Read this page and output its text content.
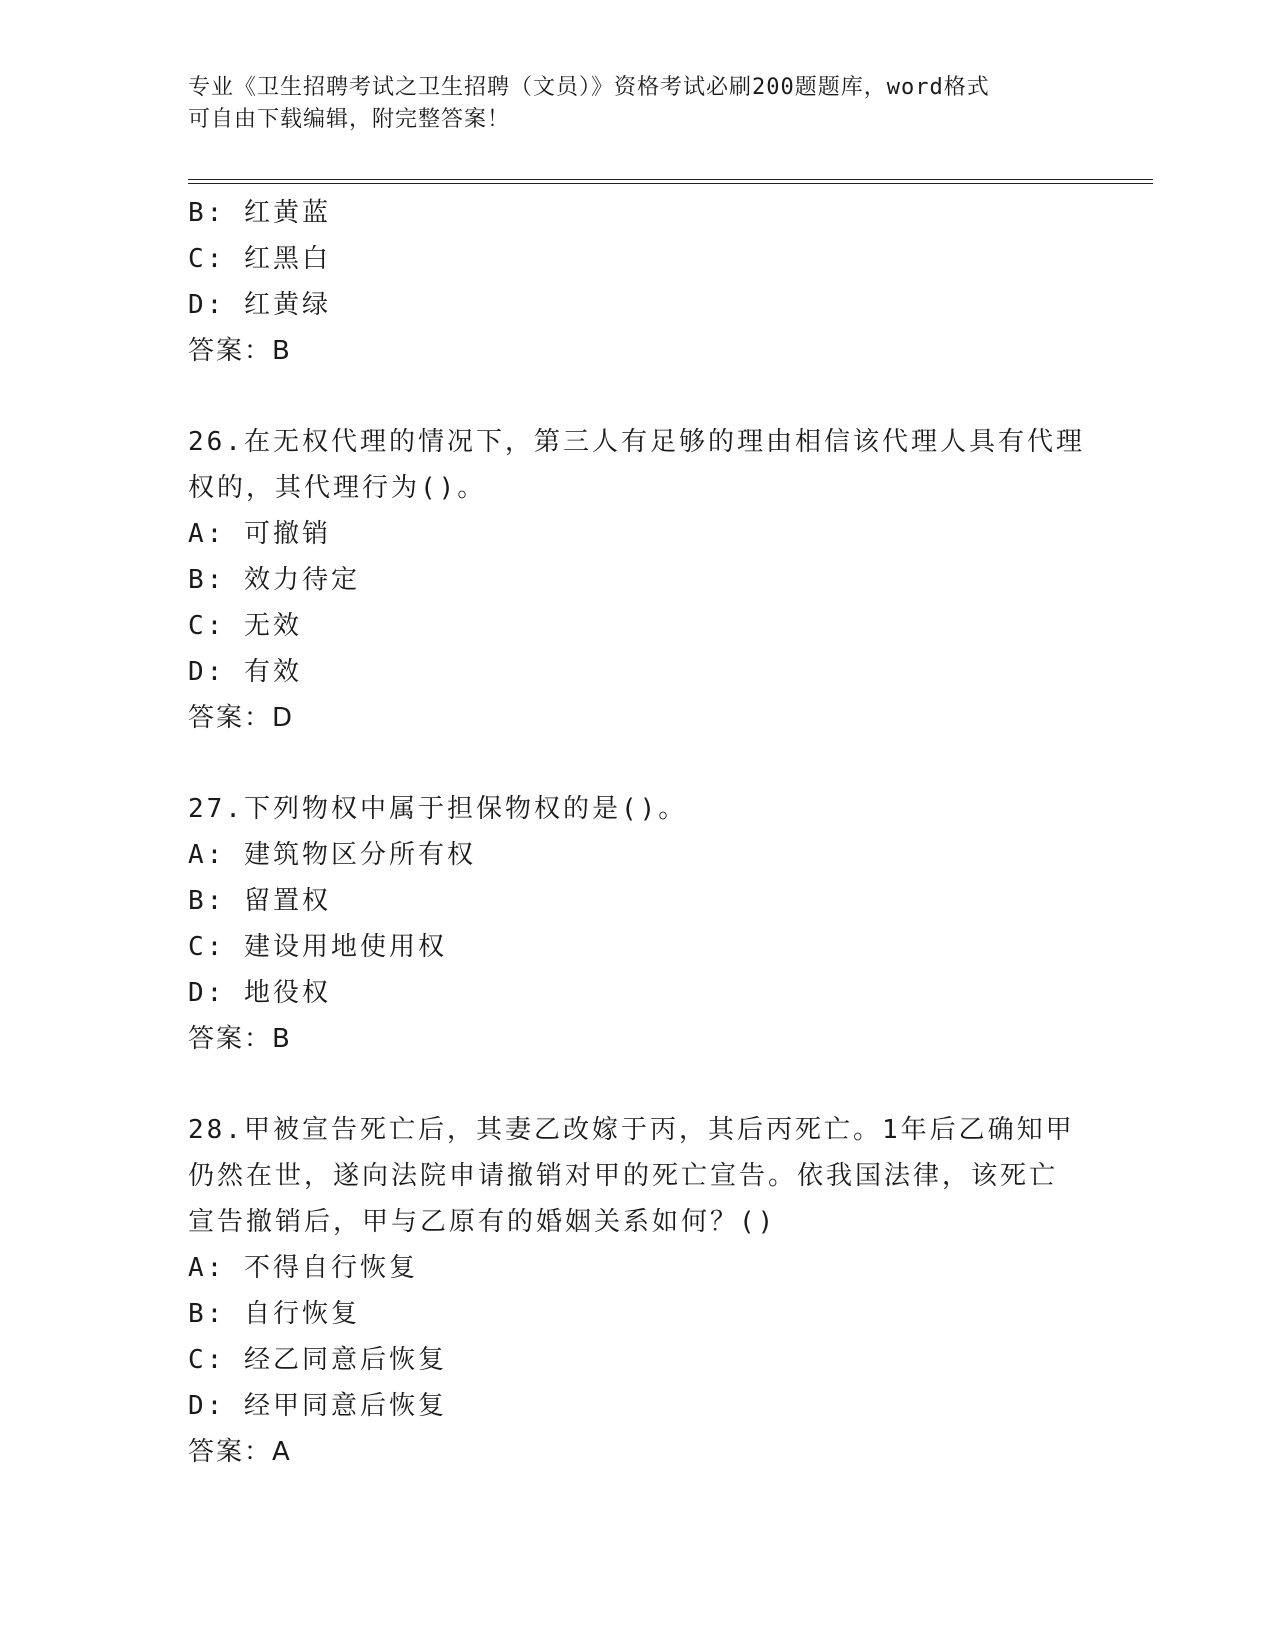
专业《卫生招聘考试之卫生招聘（文员）》资格考试必刷200题题库，word格式
可自由下载编辑，附完整答案！
B: 红黄蓝
C: 红黑白
D: 红黄绿
答案：B
26.在无权代理的情况下，第三人有足够的理由相信该代理人具有代理
权的，其代理行为()。
A: 可撤销
B: 效力待定
C: 无效
D: 有效
答案：D
27.下列物权中属于担保物权的是()。
A: 建筑物区分所有权
B: 留置权
C: 建设用地使用权
D: 地役权
答案：B
28.甲被宣告死亡后，其妻乙改嫁于丙，其后丙死亡。1年后乙确知甲
仍然在世，遂向法院申请撤销对甲的死亡宣告。依我国法律，该死亡
宣告撤销后，甲与乙原有的婚姻关系如何？()
A: 不得自行恢复
B: 自行恢复
C: 经乙同意后恢复
D: 经甲同意后恢复
答案：A
